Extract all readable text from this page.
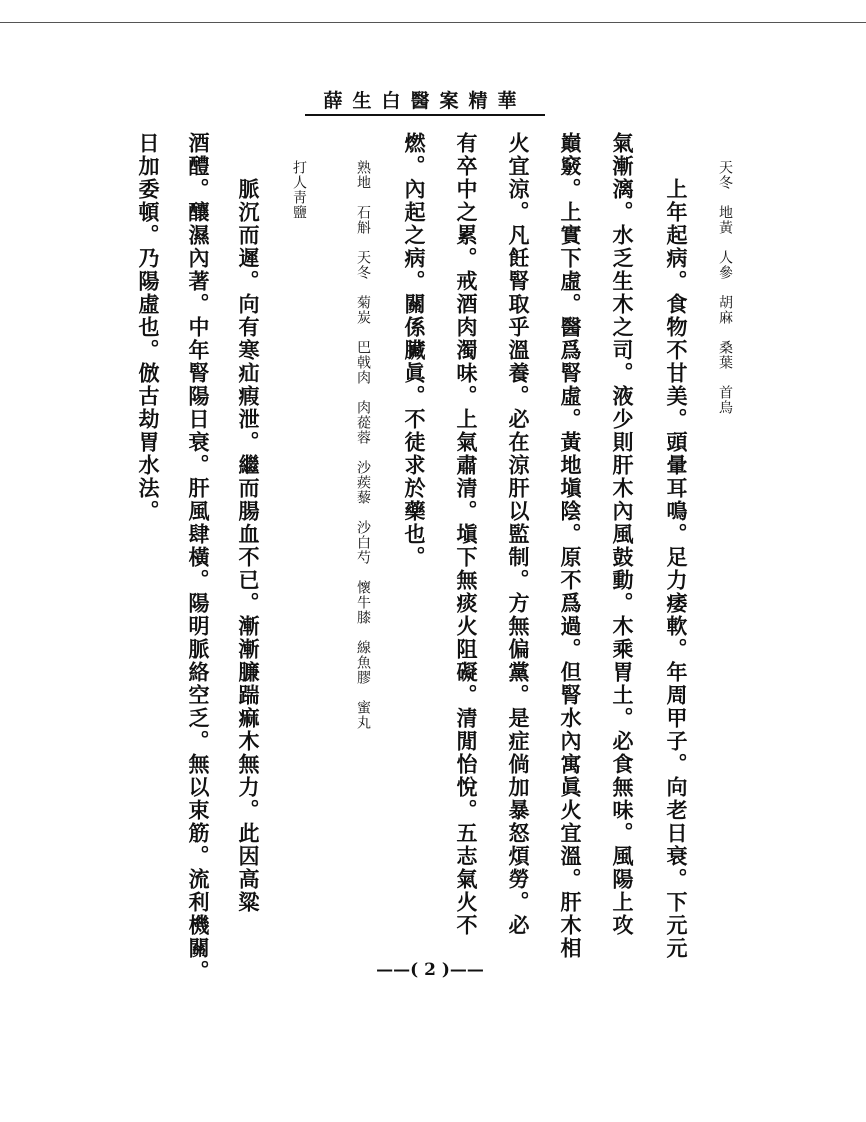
薛生白醫案精華
天冬　地黃　人參　胡麻　桑葉　首烏
上年起病。食物不甘美。頭暈耳鳴。足力痿軟。年周甲子。向老日衰。下元元
氣漸漓。水乏生木之司。液少則肝木內風鼓動。木乘胃土。必食無味。風陽上攻
巔竅。上實下虛。醫爲腎虛。黃地塡陰。原不爲過。但腎水內寓眞火宜溫。肝木相
火宜涼。凡飪腎取乎溫養。必在涼肝以監制。方無偏黨。是症倘加暴怒煩勞。必
有卒中之累。戒酒肉濁味。上氣肅清。塡下無痰火阻礙。清閒怡悅。五志氣火不
燃。內起之病。關係臟眞。不徒求於藥也。
熟地　石斛　天冬　菊炭　巴戟肉　肉蓯蓉　沙蒺藜　沙白芍　懷牛膝　線魚膠　蜜丸
打人靑鹽
脈沉而遲。向有寒疝瘕泄。繼而腸血不已。漸漸臁踹痲木無力。此因高粱
酒醴。釀濕內著。中年腎陽日衰。肝風肆橫。陽明脈絡空乏。無以束筋。流利機關。
日加委頓。乃陽虛也。倣古劫胃水法。
——( 2 )——
